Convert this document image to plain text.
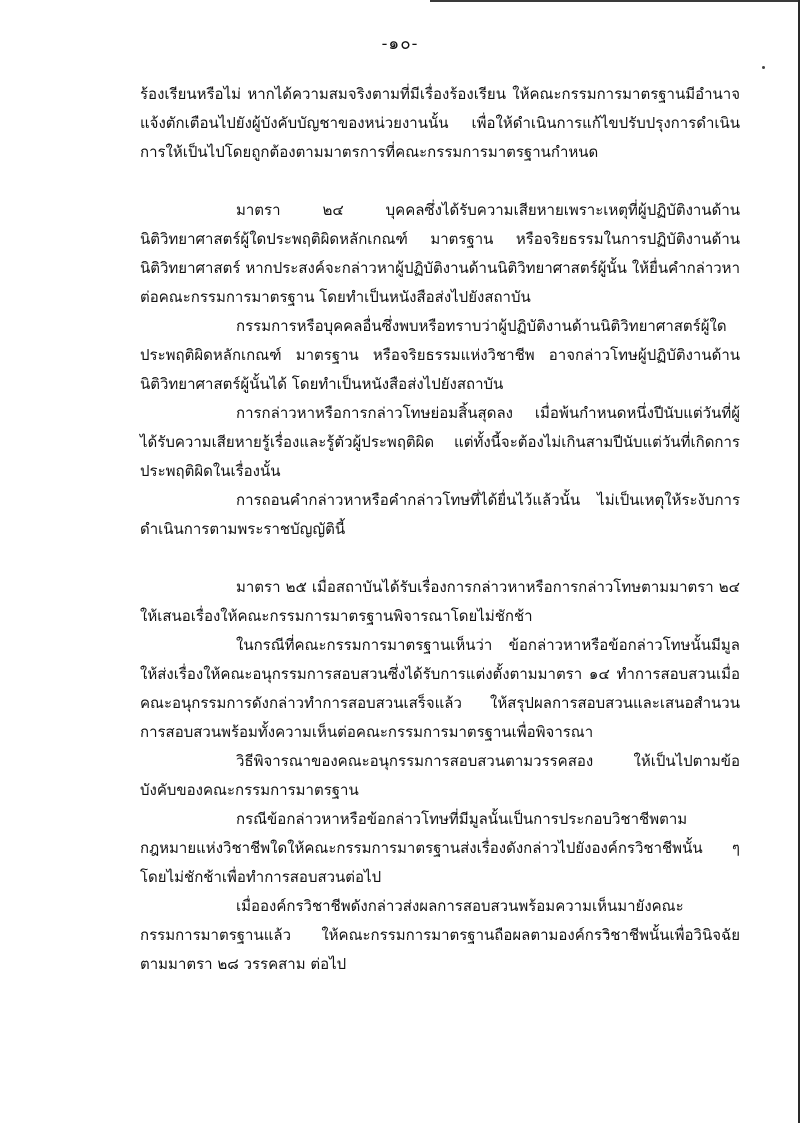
-๑๐-

ร้องเรียนหรือไม่ หากได้ความสมจริงตามที่มีเรื่องร้องเรียน ให้คณะกรรมการมาตรฐานมีอำนาจแจ้งตักเตือนไปยังผู้บังคับบัญชาของหน่วยงานนั้น เพื่อให้ดำเนินการแก้ไขปรับปรุงการดำเนินการให้เป็นไปโดยถูกต้องตามมาตรการที่คณะกรรมการมาตรฐานกำหนด

มาตรา ๒๔ บุคคลซึ่งได้รับความเสียหายเพราะเหตุที่ผู้ปฏิบัติงานด้านนิติวิทยาศาสตร์ผู้ใดประพฤติผิดหลักเกณฑ์ มาตรฐาน หรือจริยธรรมในการปฏิบัติงานด้านนิติวิทยาศาสตร์ หากประสงค์จะกล่าวหาผู้ปฏิบัติงานด้านนิติวิทยาศาสตร์ผู้นั้น ให้ยื่นคำกล่าวหาต่อคณะกรรมการมาตรฐาน โดยทำเป็นหนังสือส่งไปยังสถาบัน

กรรมการหรือบุคคลอื่นซึ่งพบหรือทราบว่าผู้ปฏิบัติงานด้านนิติวิทยาศาสตร์ผู้ใดประพฤติผิดหลักเกณฑ์ มาตรฐาน หรือจริยธรรมแห่งวิชาชีพ อาจกล่าวโทษผู้ปฏิบัติงานด้านนิติวิทยาศาสตร์ผู้นั้นได้ โดยทำเป็นหนังสือส่งไปยังสถาบัน

การกล่าวหาหรือการกล่าวโทษย่อมสิ้นสุดลง เมื่อพ้นกำหนดหนึ่งปีนับแต่วันที่ผู้ได้รับความเสียหายรู้เรื่องและรู้ตัวผู้ประพฤติผิด แต่ทั้งนี้จะต้องไม่เกินสามปีนับแต่วันที่เกิดการประพฤติผิดในเรื่องนั้น

การถอนคำกล่าวหาหรือคำกล่าวโทษที่ได้ยื่นไว้แล้วนั้น ไม่เป็นเหตุให้ระงับการดำเนินการตามพระราชบัญญัตินี้

มาตรา ๒๕ เมื่อสถาบันได้รับเรื่องการกล่าวหาหรือการกล่าวโทษตามมาตรา ๒๔ ให้เสนอเรื่องให้คณะกรรมการมาตรฐานพิจารณาโดยไม่ชักช้า

ในกรณีที่คณะกรรมการมาตรฐานเห็นว่า ข้อกล่าวหาหรือข้อกล่าวโทษนั้นมีมูลให้ส่งเรื่องให้คณะอนุกรรมการสอบสวนซึ่งได้รับการแต่งตั้งตามมาตรา ๑๔ ทำการสอบสวนเมื่อคณะอนุกรรมการดังกล่าวทำการสอบสวนเสร็จแล้ว ให้สรุปผลการสอบสวนและเสนอสำนวนการสอบสวนพร้อมทั้งความเห็นต่อคณะกรรมการมาตรฐานเพื่อพิจารณา

วิธีพิจารณาของคณะอนุกรรมการสอบสวนตามวรรคสอง ให้เป็นไปตามข้อบังคับของคณะกรรมการมาตรฐาน

กรณีข้อกล่าวหาหรือข้อกล่าวโทษที่มีมูลนั้นเป็นการประกอบวิชาชีพตามกฎหมายแห่งวิชาชีพใดให้คณะกรรมการมาตรฐานส่งเรื่องดังกล่าวไปยังองค์กรวิชาชีพนั้น ๆ โดยไม่ชักช้าเพื่อทำการสอบสวนต่อไป

เมื่อองค์กรวิชาชีพดังกล่าวส่งผลการสอบสวนพร้อมความเห็นมายังคณะกรรมการมาตรฐานแล้ว ให้คณะกรรมการมาตรฐานถือผลตามองค์กรวิชาชีพนั้นเพื่อวินิจฉัยตามมาตรา ๒๘ วรรคสาม ต่อไป
